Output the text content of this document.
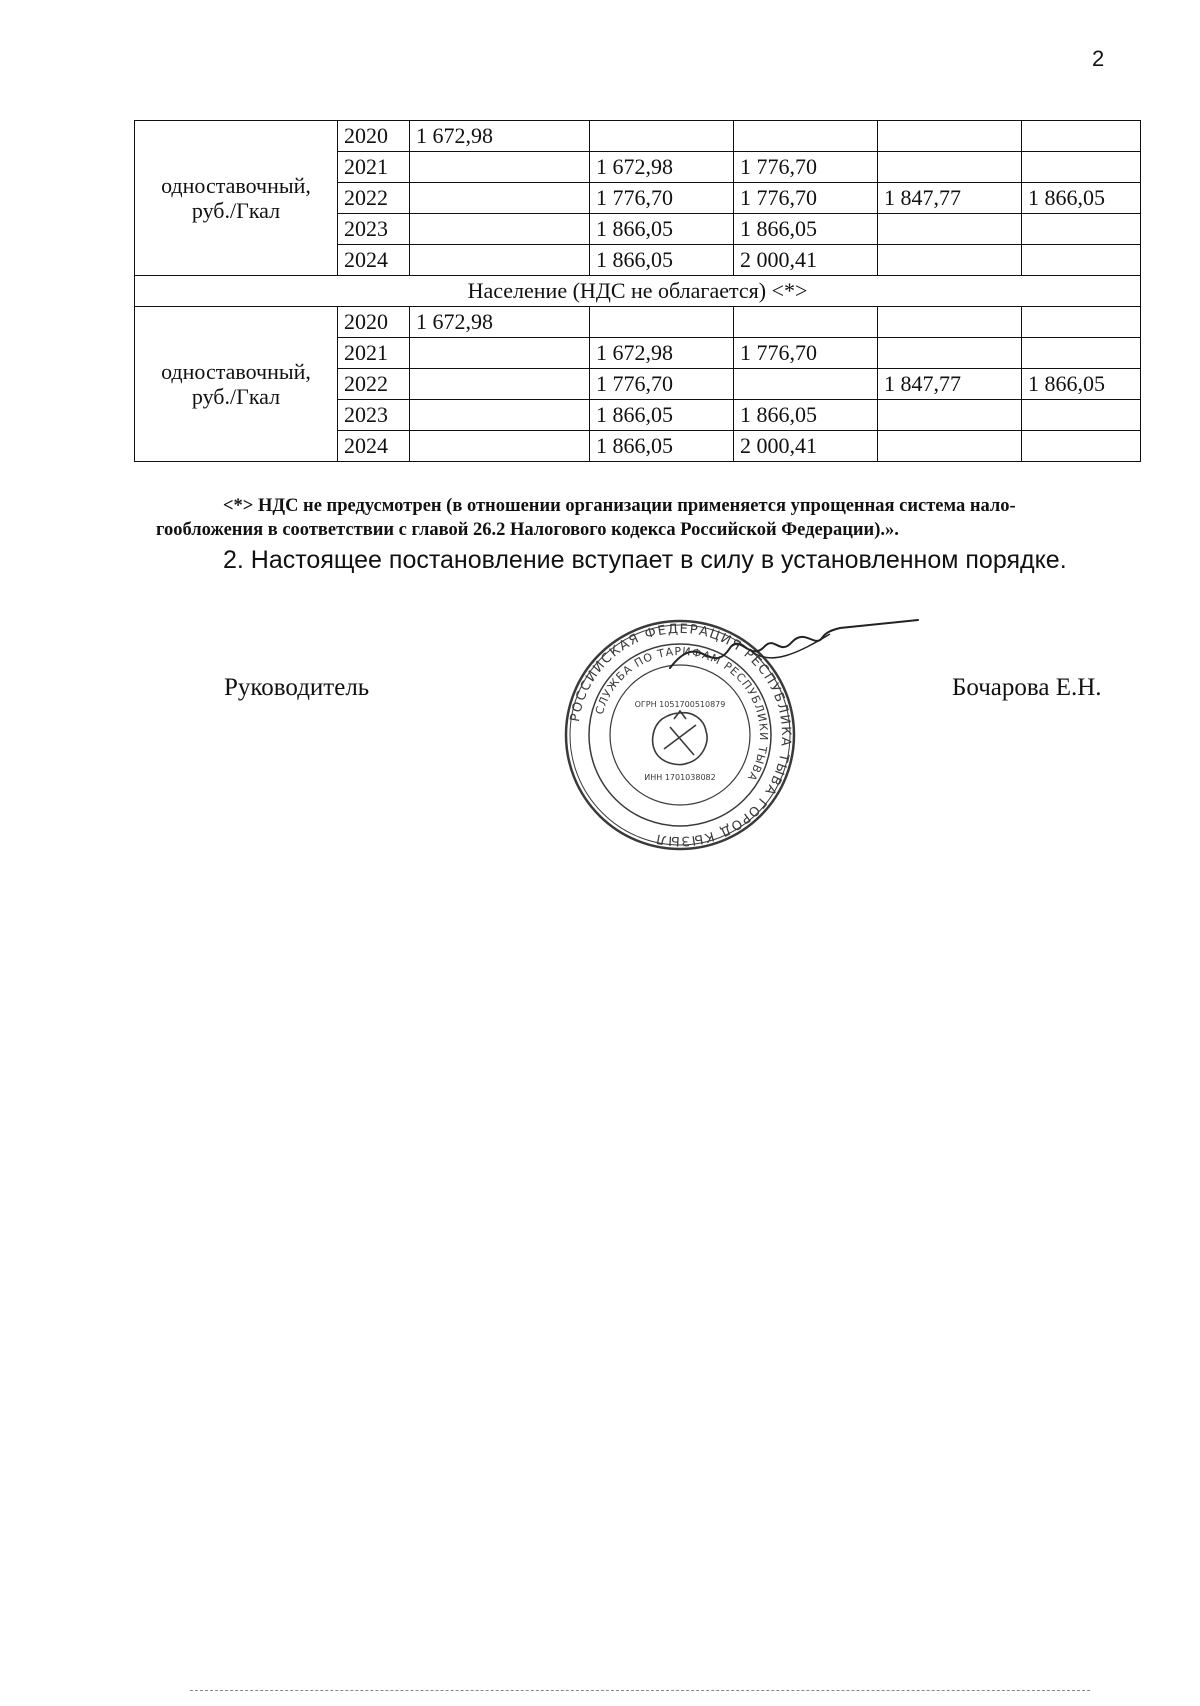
2
одноставочный,
руб./Гкал	2020	1 672,98				
	2021		1 672,98	1 776,70		
	2022		1 776,70	1 776,70	1 847,77	1 866,05
	2023		1 866,05	1 866,05		
	2024		1 866,05	2 000,41		
Население (НДС не облагается) <*>						
одноставочный,
руб./Гкал	2020	1 672,98				
	2021		1 672,98	1 776,70		
	2022		1 776,70		1 847,77	1 866,05
	2023		1 866,05	1 866,05		
	2024		1 866,05	2 000,41		
<*> НДС не предусмотрен (в отношении организации применяется упрощенная система нало-
гообложения в соответствии с главой 26.2 Налогового кодекса Российской Федерации).».
2. Настоящее постановление вступает в силу в установленном порядке.
Руководитель	Бочарова Е.Н.
РОССИЙСКАЯ ФЕДЕРАЦИЯ РЕСПУБЛИКА ТЫВА ГОРОД КЫЗЫЛ
СЛУЖБА ПО ТАРИФАМ РЕСПУБЛИКИ ТЫВА
ОГРН 1051700510879
ИНН 1701038082
